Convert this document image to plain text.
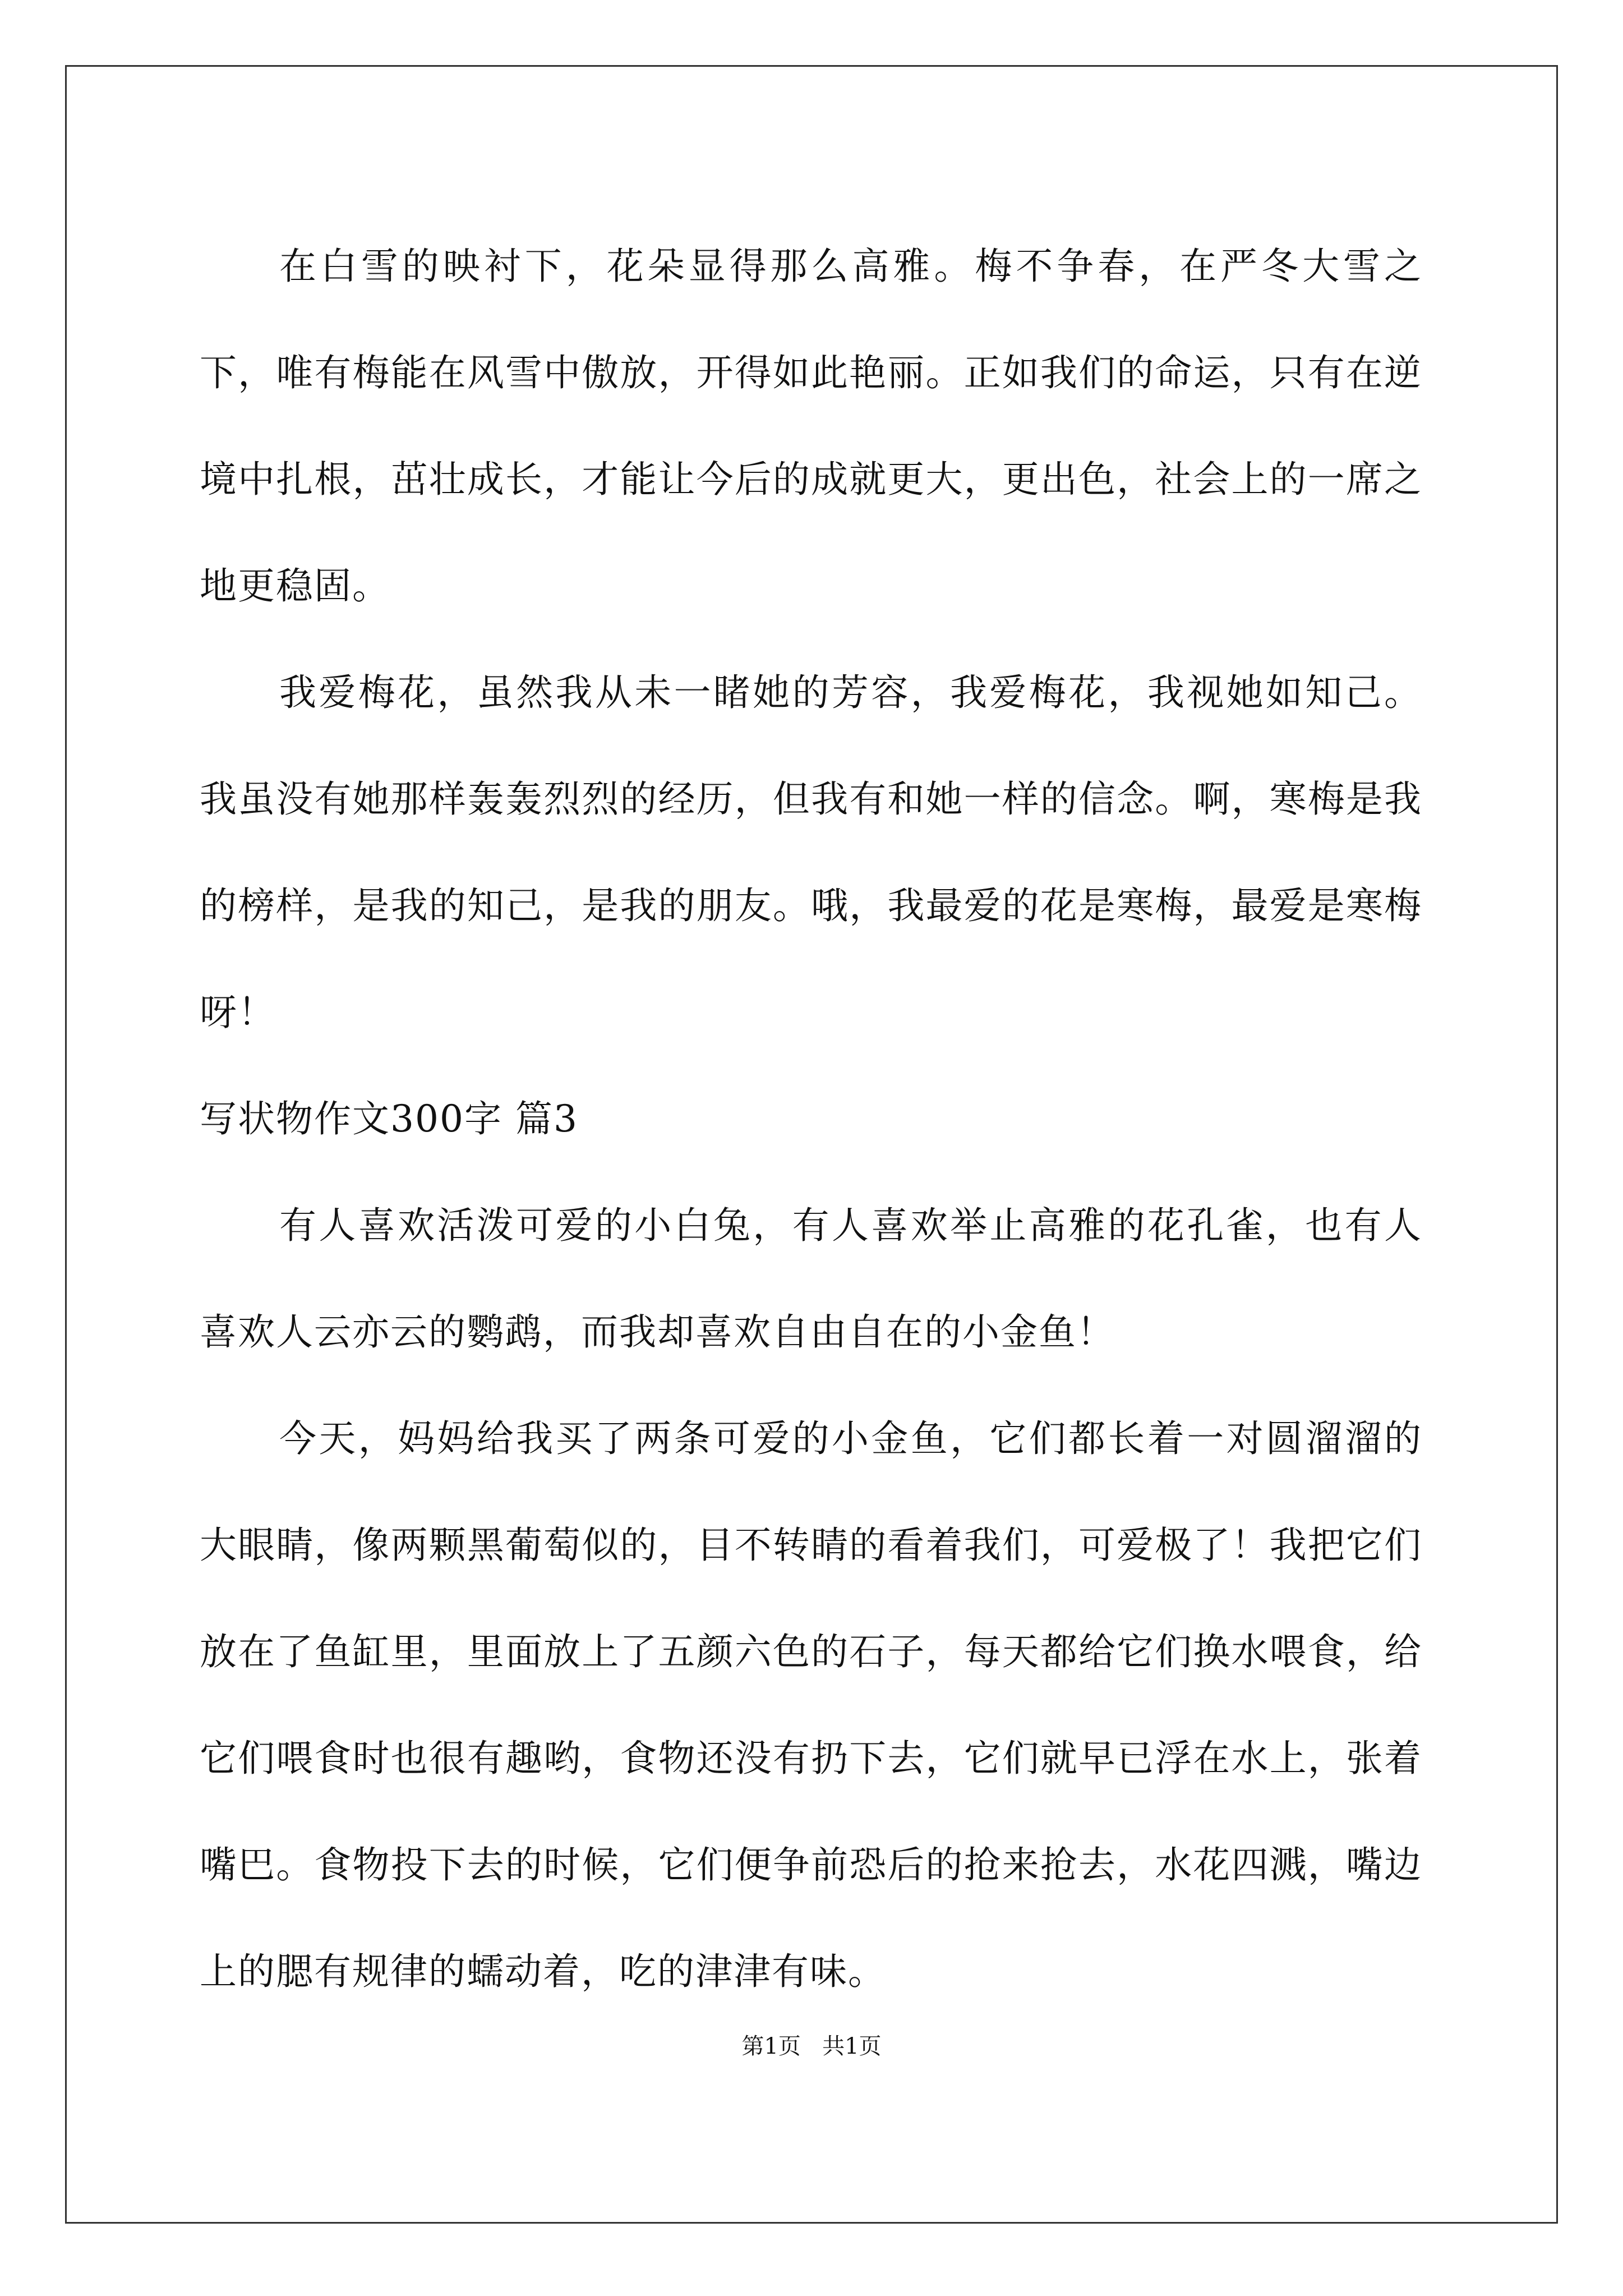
在白雪的映衬下，花朵显得那么高雅。梅不争春，在严冬大雪之下，唯有梅能在风雪中傲放，开得如此艳丽。正如我们的命运，只有在逆境中扎根，茁壮成长，才能让今后的成就更大，更出色，社会上的一席之地更稳固。

我爱梅花，虽然我从未一睹她的芳容，我爱梅花，我视她如知己。我虽没有她那样轰轰烈烈的经历，但我有和她一样的信念。啊，寒梅是我的榜样，是我的知己，是我的朋友。哦，我最爱的花是寒梅，最爱是寒梅呀！

写状物作文300字 篇3

有人喜欢活泼可爱的小白兔，有人喜欢举止高雅的花孔雀，也有人喜欢人云亦云的鹦鹉，而我却喜欢自由自在的小金鱼！

今天，妈妈给我买了两条可爱的小金鱼，它们都长着一对圆溜溜的大眼睛，像两颗黑葡萄似的，目不转睛的看着我们，可爱极了！我把它们放在了鱼缸里，里面放上了五颜六色的石子，每天都给它们换水喂食，给它们喂食时也很有趣哟，食物还没有扔下去，它们就早已浮在水上，张着嘴巴。食物投下去的时候，它们便争前恐后的抢来抢去，水花四溅，嘴边上的腮有规律的蠕动着，吃的津津有味。

第1页 共1页
